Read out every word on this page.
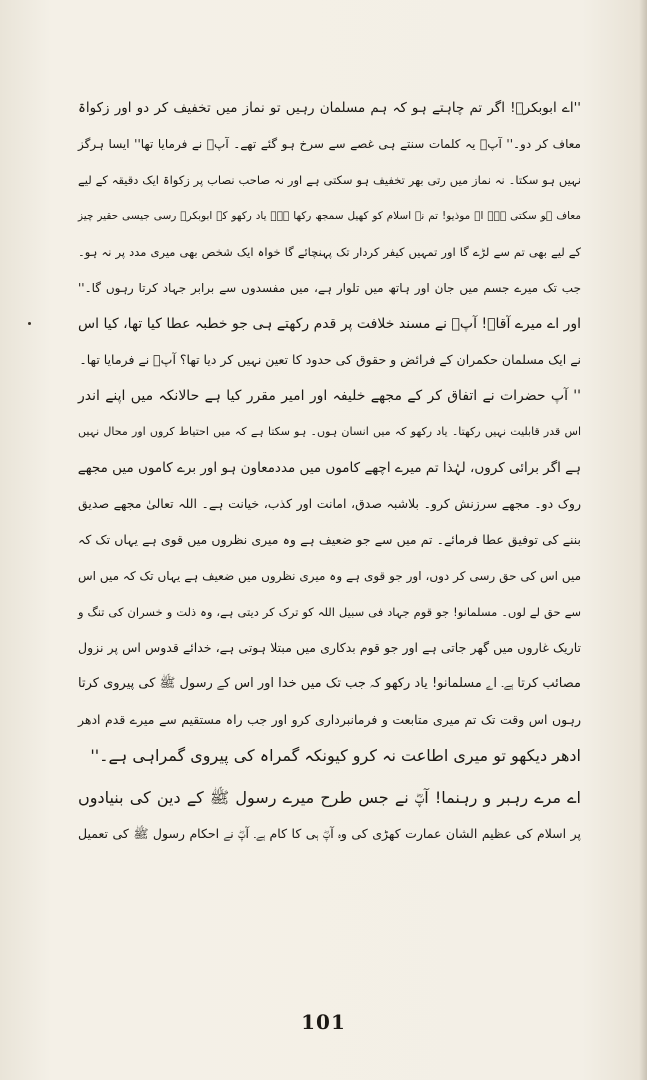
''اے ابوبکرؓ! اگر تم چاہتے ہو کہ ہم مسلمان رہیں تو نماز میں تخفیف کر دو اور زکواۃ
معاف کر دو۔'' آپؓ یہ کلمات سنتے ہی غصے سے سرخ ہو گئے تھے۔ آپؓ نے فرمایا تھا'' ایسا ہرگز
نہیں ہو سکتا۔ نہ نماز میں رتی بھر تخفیف ہو سکتی ہے اور نہ صاحب نصاب پر زکواۃ ایک دقیقہ کے لیے
معاف ہو سکتی ہے۔ اے موذیو! تم نے اسلام کو کھیل سمجھ رکھا ہے۔ یاد رکھو کہ ابوبکرؓ رسی جیسی حقیر چیز
کے لیے بھی تم سے لڑے گا اور تمہیں کیفر کردار تک پہنچائے گا خواہ ایک شخص بھی میری مدد پر نہ ہو۔
جب تک میرے جسم میں جان اور ہاتھ میں تلوار ہے، میں مفسدوں سے برابر جہاد کرتا رہوں گا۔''
اور اے میرے آقاؓ! آپؓ نے مسند خلافت پر قدم رکھتے ہی جو خطبہ عطا کیا تھا، کیا اس
نے ایک مسلمان حکمران کے فرائض و حقوق کی حدود کا تعین نہیں کر دیا تھا؟ آپؓ نے فرمایا تھا۔
'' آپ حضرات نے اتفاق کر کے مجھے خلیفہ اور امیر مقرر کیا ہے حالانکہ میں اپنے اندر
اس قدر قابلیت نہیں رکھتا۔ یاد رکھو کہ میں انسان ہوں۔ ہو سکتا ہے کہ میں احتیاط کروں اور محال نہیں
ہے اگر برائی کروں، لہٰذا تم میرے اچھے کاموں میں مددمعاون ہو اور برے کاموں میں مجھے
روک دو۔ مجھے سرزنش کرو۔ بلاشبہ صدق، امانت اور کذب، خیانت ہے۔ اللہ تعالیٰ مجھے صدیق
بننے کی توفیق عطا فرمائے۔ تم میں سے جو ضعیف ہے وہ میری نظروں میں قوی ہے یہاں تک کہ
میں اس کی حق رسی کر دوں، اور جو قوی ہے وہ میری نظروں میں ضعیف ہے یہاں تک کہ میں اس
سے حق لے لوں۔ مسلمانو! جو قوم جہاد فی سبیل اللہ کو ترک کر دیتی ہے، وہ ذلت و خسران کی تنگ و
تاریک غاروں میں گھر جاتی ہے اور جو قوم بدکاری میں مبتلا ہوتی ہے، خدائے قدوس اس پر نزول
مصائب کرتا ہے۔ اے مسلمانو! یاد رکھو کہ جب تک میں خدا اور اس کے رسول ﷺ کی پیروی کرتا
رہوں اس وقت تک تم میری متابعت و فرمانبرداری کرو اور جب راہ مستقیم سے میرے قدم ادھر
ادھر دیکھو تو میری اطاعت نہ کرو کیونکہ گمراہ کی پیروی گمراہی ہے۔''
اے مرے رہبر و رہنما! آپؓ نے جس طرح میرے رسول ﷺ کے دین کی بنیادوں
پر اسلام کی عظیم الشان عمارت کھڑی کی وہ آپؓ ہی کا کام ہے۔ آپؓ نے احکام رسول ﷺ کی تعمیل
101
